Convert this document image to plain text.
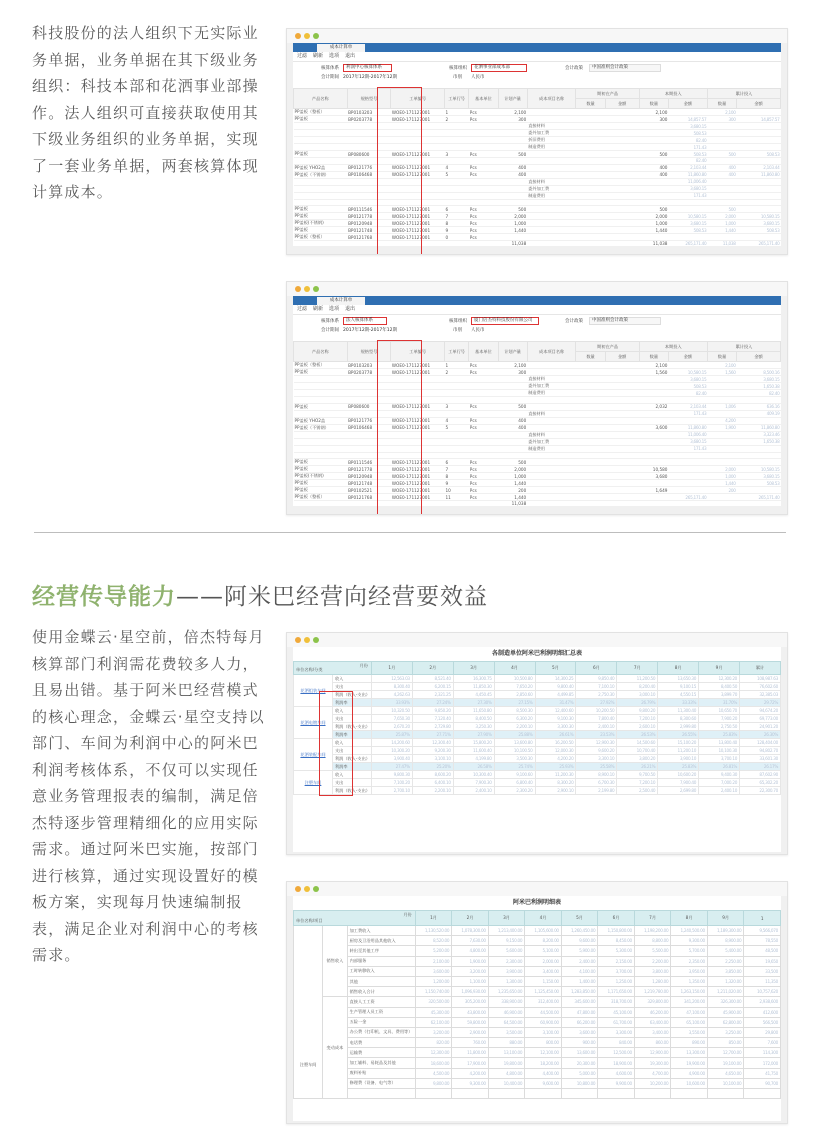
科技股份的法人组织下无实际业务单据，业务单据在其下级业务组织：科技本部和花洒事业部操作。法人组织可直接获取使用其下级业务组织的业务单据，实现了一套业务单据，两套核算体现计算成本。

成本计算单
过滤 刷新 选项 退出
核算体系	利润中心核算体系
会计期间 2017年12期-2017年12期
核算组织	花洒事业部成本部
币别 人民币
会计政策	中国准则会计政策
产品名称	规格型号	工单编号	工单行号	基本单位	计划产量	成本项目名称	期初在产品		本期投入		累计投入	
							数量	金额	数量	金额	数量	金额
PP盖板（整板）	BP0103203	WOE0-171127001	1	Pcs	2,100				2,100		2,100	
PP盖板	BP0203778	WOE0-171127001	2	Pcs	300				300	14,857.57	300	14,857.57
						直接材料				3,680.15		
						委外加工费				508.53		
						折旧费用				82.40		
						制造费用				171.43		
PP盖板	BP080600	WOE0-171127001	3	Pcs	500				500	508.53	500	508.53
										82.40		
PP盖板 YHO2盖	BP0121776	WOE0-171127001	4	Pcs	400				400	2,103.44	400	2,103.44
PP盖板（不锈钢）	BP0106468	WOE0-171127001	5	Pcs	400				400	11,860.80	400	11,860.80
						直接材料				11,006.40		
						委外加工费				3,680.15		
						制造费用				171.43		

PP盖板	BP0111546	WOE0-171127001	6	Pcs	500				500		500	
PP盖板	BP0121778	WOE0-171127001	7	Pcs	2,000				2,000	10,580.15	2,000	10,580.15
PP盖板(不锈钢)	BP0120948	WOE0-171127001	8	Pcs	1,000				1,000	3,680.15	1,000	3,680.15
PP盖板	BP0121748	WOE0-171127001	9	Pcs	1,440				1,440	508.53	1,440	508.53
PP盖板（整板）	BP0121768	WOE0-171127001	0	Pcs								
					11,038				11,038	265,171.40	11,038	265,171.40
成本计算单
过滤 刷新 选项 退出
核算体系	法人核算体系
会计期间 2017年12期-2017年12期
核算组织	厦门倍杰特科技股份有限公司
币别 人民币
会计政策	中国准则会计政策
产品名称	规格型号	工单编号	工单行号	基本单位	计划产量	成本项目名称	期初在产品		本期投入		累计投入	
							数量	金额	数量	金额	数量	金额
PP盖板（整板）	BP0103203	WOE0-171127001	1	Pcs	2,100				2,100		2,100	
PP盖板	BP0203778	WOE0-171127001	2	Pcs	300				1,560	10,580.15	1,560	8,500.16
						直接材料				3,680.15		3,680.15
						委外加工费				508.53		1,650.38
						制造费用				82.40		82.40

PP盖板	BP080600	WOE0-171127001	3	Pcs	500				2,032	2,103.44	1,006	636.16
						直接材料				171.43		409.19
PP盖板 YHO2盖	BP0121776	WOE0-171127001	4	Pcs	400						4,200	
PP盖板（不锈钢）	BP0106468	WOE0-171127001	5	Pcs	400				3,600	11,860.80	1,900	11,860.80
						直接材料				11,006.40		3,323.46
						委外加工费				3,680.15		1,650.38
						制造费用				171.43		

PP盖板	BP0111546	WOE0-171127001	6	Pcs	500							
PP盖板	BP0121778	WOE0-171127001	7	Pcs	2,000				10,580		2,000	10,580.15
PP盖板(不锈钢)	BP0120948	WOE0-171127001	8	Pcs	1,000				3,680		1,000	3,680.15
PP盖板	BP0121748	WOE0-171127001	9	Pcs	1,440						1,440	508.53
PP盖板	BP0102521	WOE0-171127001	10	Pcs	200				1,649		200	
PP盖板（整板）	BP0121768	WOE0-171127001	11	Pcs	1,440					265,171.40		265,171.40
					11,038							
经营传导能力——阿米巴经营向经营要效益

使用金蝶云·星空前，倍杰特每月核算部门利润需花费较多人力，且易出错。基于阿米巴经营模式的核心理念，金蝶云·星空支持以部门、车间为利润中心的阿米巴利润考核体系，不仅可以实现任意业务管理报表的编制，满足倍杰特逐步管理精细化的应用实际需求。通过阿米巴实施，按部门进行核算，通过实现设置好的模板方案，实现每月快速编制报表，满足企业对利润中心的考核需求。

各制造单位阿米巴利润明细汇总表
月份
单位名称/分类		1月	2月	3月	4月	5月	6月	7月	8月	9月	累计
花洒组装车间	收入	12,563.03	8,521.40	16,300.75	10,500.80	14,300.25	9,850.40	11,200.50	13,650.30	12,300.20	108,987.63
	支出	8,300.40	6,200.15	11,850.30	7,650.20	9,800.40	7,100.10	8,200.40	9,100.15	8,400.50	76,602.60
	利润（收入-支出）	4,262.63	2,321.25	4,450.45	2,850.60	4,499.85	2,750.30	3,000.10	4,550.15	3,899.70	32,385.03
	利润率	33.93%	27.24%	27.30%	27.15%	31.47%	27.92%	26.79%	33.33%	31.70%	29.72%
花洒电镀车间	收入	10,320.50	9,850.20	11,650.80	8,500.30	12,400.60	10,200.50	9,800.20	11,300.40	10,650.70	94,674.20
	支出	7,650.30	7,120.40	8,400.50	6,300.20	9,100.30	7,800.40	7,200.10	8,300.60	7,900.20	69,773.00
	利润（收入-支出）	2,670.20	2,729.80	3,250.30	2,200.10	3,300.30	2,400.10	2,600.10	2,999.80	2,750.50	24,901.20
	利润率	25.87%	27.71%	27.90%	25.88%	26.61%	23.53%	26.53%	26.55%	25.83%	26.30%
花洒装配车间	收入	14,200.60	12,300.40	15,800.20	13,600.80	16,200.50	12,900.30	14,500.60	15,100.20	13,800.40	128,404.00
	支出	10,300.20	9,200.30	11,600.40	10,100.50	12,000.30	9,600.20	10,700.40	11,200.10	10,100.30	94,802.70
	利润（收入-支出）	3,900.40	3,100.10	4,199.80	3,500.30	4,200.20	3,300.10	3,800.20	3,900.10	3,700.10	33,601.30
	利润率	27.47%	25.20%	26.58%	25.74%	25.93%	25.58%	26.21%	25.83%	26.81%	26.17%
注塑车间	收入	9,800.30	8,600.20	10,300.40	9,100.60	11,200.30	8,900.10	9,700.50	10,600.20	9,400.30	87,602.90
	支出	7,100.20	6,400.10	7,900.30	6,800.40	8,300.20	6,700.30	7,200.10	7,900.40	7,000.20	65,302.20
	利润（收入-支出）	2,700.10	2,200.10	2,400.10	2,300.20	2,900.10	2,199.80	2,500.40	2,699.80	2,400.10	22,300.70
阿米巴利润明细表
月份
单位名称/项目			1月	2月	3月	4月	5月	6月	7月	8月	9月	1
注塑车间	销售收入	加工费收入	1,130,520.00	1,078,300.00	1,213,400.00	1,105,600.00	1,260,450.00	1,150,800.00	1,198,200.00	1,240,500.00	1,189,300.00	9,566,070
		厨房及卫浴用品其他收入	8,520.00	7,630.00	9,150.00	8,200.00	9,600.00	8,450.00	8,800.00	9,300.00	8,900.00	78,550
		转出至其他工序	5,200.00	4,800.00	5,600.00	5,100.00	5,900.00	5,300.00	5,500.00	5,700.00	5,400.00	48,500
		内部服务	2,100.00	1,900.00	2,300.00	2,000.00	2,400.00	2,150.00	2,200.00	2,350.00	2,250.00	19,650
		工时转移收入	3,600.00	3,200.00	3,900.00	3,400.00	4,100.00	3,700.00	3,800.00	3,950.00	3,850.00	33,500
		其他	1,200.00	1,100.00	1,300.00	1,150.00	1,400.00	1,250.00	1,280.00	1,350.00	1,320.00	11,350
		销售收入合计	1,150,740.00	1,096,930.00	1,235,650.00	1,125,450.00	1,283,850.00	1,171,650.00	1,219,780.00	1,263,150.00	1,211,020.00	10,757,620
	变动成本	直接人工工资	320,500.00	305,200.00	338,900.00	312,400.00	345,600.00	318,700.00	329,800.00	341,200.00	326,300.00	2,938,600
		生产管理人员工资	45,300.00	43,800.00	46,900.00	44,500.00	47,800.00	45,100.00	46,200.00	47,100.00	45,900.00	412,600
		五险一金	62,100.00	59,800.00	64,500.00	60,900.00	66,200.00	61,700.00	63,400.00	65,100.00	62,800.00	566,500
		办公费（打印机、文具、费用等）	3,200.00	2,900.00	3,500.00	3,100.00	3,600.00	3,300.00	3,400.00	3,550.00	3,250.00	29,800
		电话费	820.00	760.00	880.00	800.00	900.00	840.00	860.00	890.00	850.00	7,600
		运输费	12,300.00	11,800.00	13,100.00	12,100.00	13,600.00	12,500.00	12,900.00	13,300.00	12,700.00	114,300
		加工辅料、易耗品及其他	18,600.00	17,900.00	19,800.00	18,200.00	20,300.00	18,900.00	19,300.00	19,900.00	19,100.00	172,000
		废料补贴	4,500.00	4,200.00	4,800.00	4,400.00	5,000.00	4,600.00	4,700.00	4,900.00	4,650.00	41,750
		修理费（设备、电气等）	9,800.00	9,300.00	10,400.00	9,600.00	10,800.00	9,900.00	10,200.00	10,600.00	10,100.00	90,700
